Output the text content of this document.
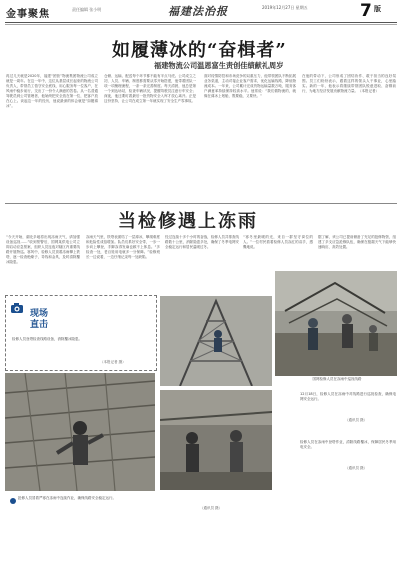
金事聚焦	责任编辑 张小明	福建法治报	2019年12月27日 星期五	7 版
如履薄冰的“奋楫者”
福建物流公司温恩富生责创佳绩献礼周岁
再过几天就是2020年，福建“团营”物流集团物流公司成立就是一周年。在这一年中，这位从基层成长起来的物流公司负责人，带领员工恪守安全底线、用心服务每一位客户，在风雨中稳步前行，交出了一份令人满意的答卷。从一名普通驾驶员到公司管理者，他始终把安全放在第一位，把客户放在心上。谈起这一年的经历，他说最深的体会就是“如履薄冰”。
仓储、运输、配送每个环节都不能有半点马虎。公司成立之初，人员、车辆、制度都需要从零开始搭建，他带着团队一项一项梳理流程，一条一条完善制度。每天清晨，他总是第一个到达场站，检查车辆状况，提醒驾驶员注意行车安全；深夜，他还要盯着最后一批货物安全入库才放心离开。正是这份坚持，让公司在成立第一年就实现了安全生产零事故。
面对疫情防控和市场竞争的双重压力，他带领团队不断拓展业务渠道，主动对接企业客户需求，优化运输线路，降低物流成本。一年来，公司累计完成货物运输量数万吨，服务客户满意率持续保持较高水平。他常说：“我们做物流的，就像在薄冰上划船，既要稳，又要快。”
在他的带动下，公司形成了团结协作、敢于担当的良好氛围。员工们纷纷表示，跟着这样的领头人干事业，心里踏实。新的一年，他表示将继续带领团队锐意进取、奋楫前行，为地方经济发展贡献物流力量。（本报记者）
当检修遇上冻雨
“今天开始，湖北多地将出现冻雨天气，请加强设备巡视……”收到预警后，国网某供电公司立即启动应急预案，组织人员连夜对辖区内重要线路开展特巡。寒风中，检修人员顶着冻雨攀上铁塔，逐一检查绝缘子、导线和金具，及时清除覆冰隐患。
冻雨天气里，铁塔表面结了一层薄冰，攀爬难度和危险性成倍增加。队员们系好安全带，一步一步向上攀登，手脚冻得发麻也顾不上休息。“多检查一处，老百姓用电就多一分保障。”检修班长一边说着，一边仔细记录每一处缺陷。
经过连续十多个小时的奋战，检修人员共排查线路数十公里，消除隐患多处，确保了冬季电网安全稳定运行和居民温暖过冬。
“寒冬里最暖的光，来自一群坚守岗位的人。”一位村民看着检修人员冻红的双手，感慨地说。
据了解，该公司已提前储备了充足的抢修物资，组建了多支应急抢修队伍，确保在极端天气下能够快速响应、高效处置。
国网检修人员在冻雨中巡视线路
现场
直击
检修人员登塔检查线路设备，消除覆冰隐患。
（本报记者 摄）
12月18日，检修人员在冻雨中对线路进行巡视检查，确保电网安全运行。
（通讯员 摄）
检修人员在冻雨中登塔作业，清除线路覆冰，保障居民冬季用电安全。
（通讯员 摄）
抢修人员冒着严寒在冻雨中连续作业，确保线路安全稳定运行。
（通讯员 摄）
